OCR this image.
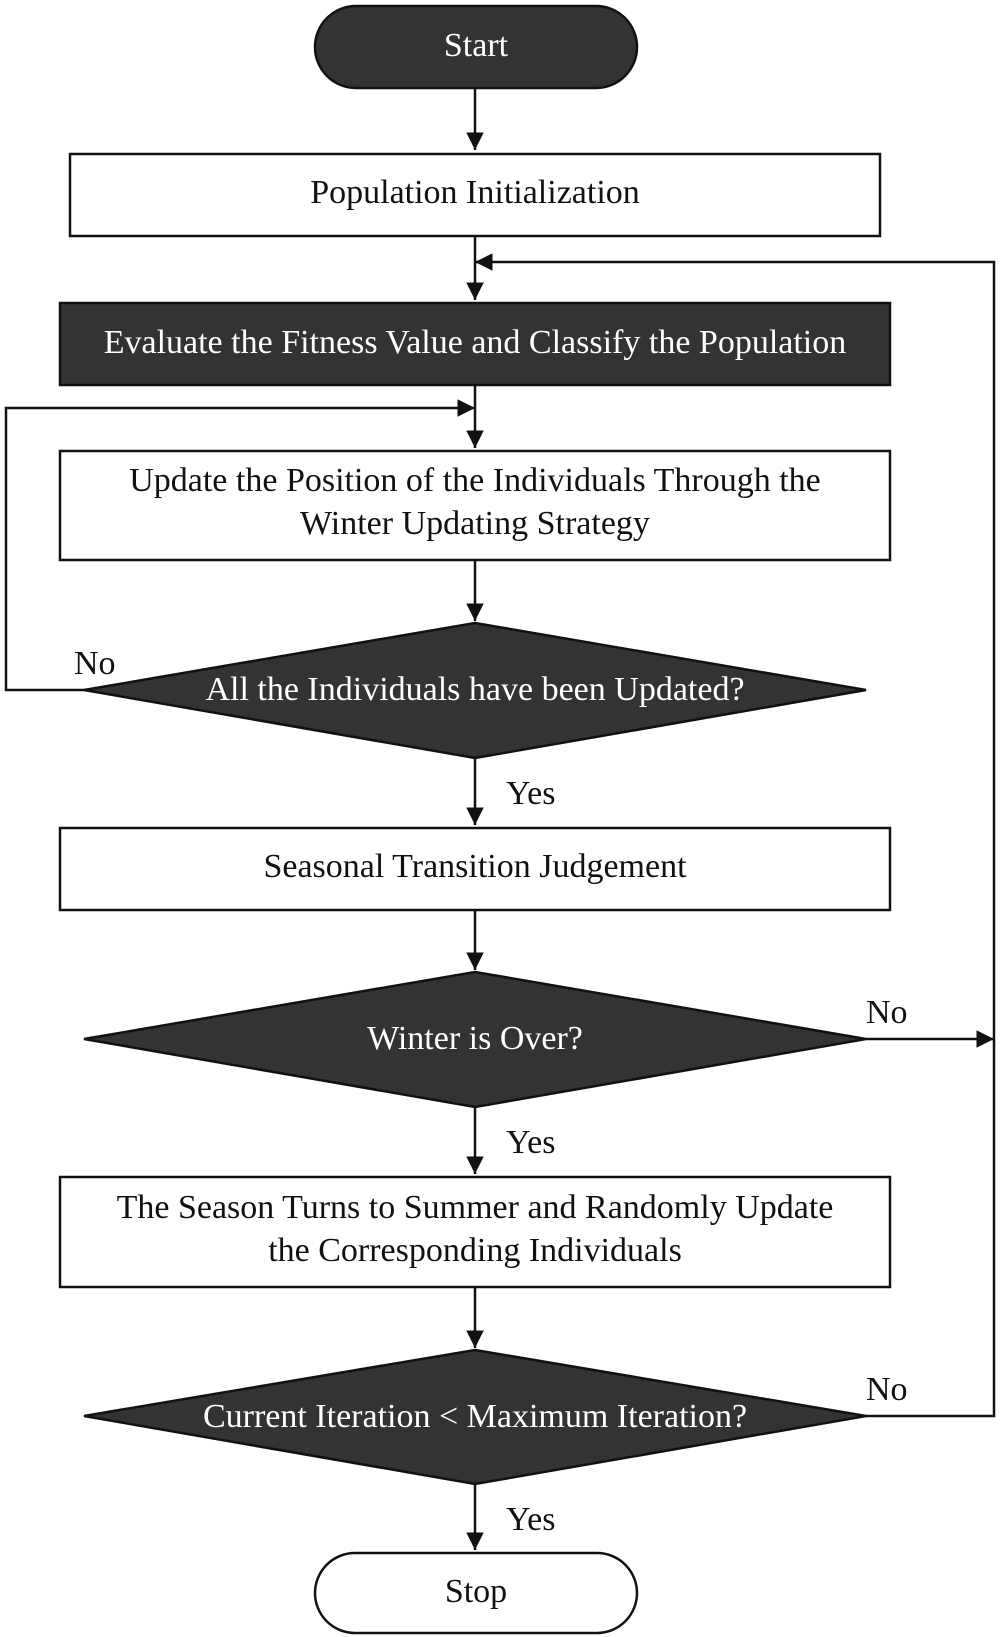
Start
Population Initialization
Evaluate the Fitness Value and Classify the Population
Update the Position of the Individuals Through the
Winter Updating Strategy
All the Individuals have been Updated?
Seasonal Transition Judgement
Winter is Over?
The Season Turns to Summer and Randomly Update
the Corresponding Individuals
Current Iteration < Maximum Iteration?
Stop
No
Yes
No
Yes
No
Yes
